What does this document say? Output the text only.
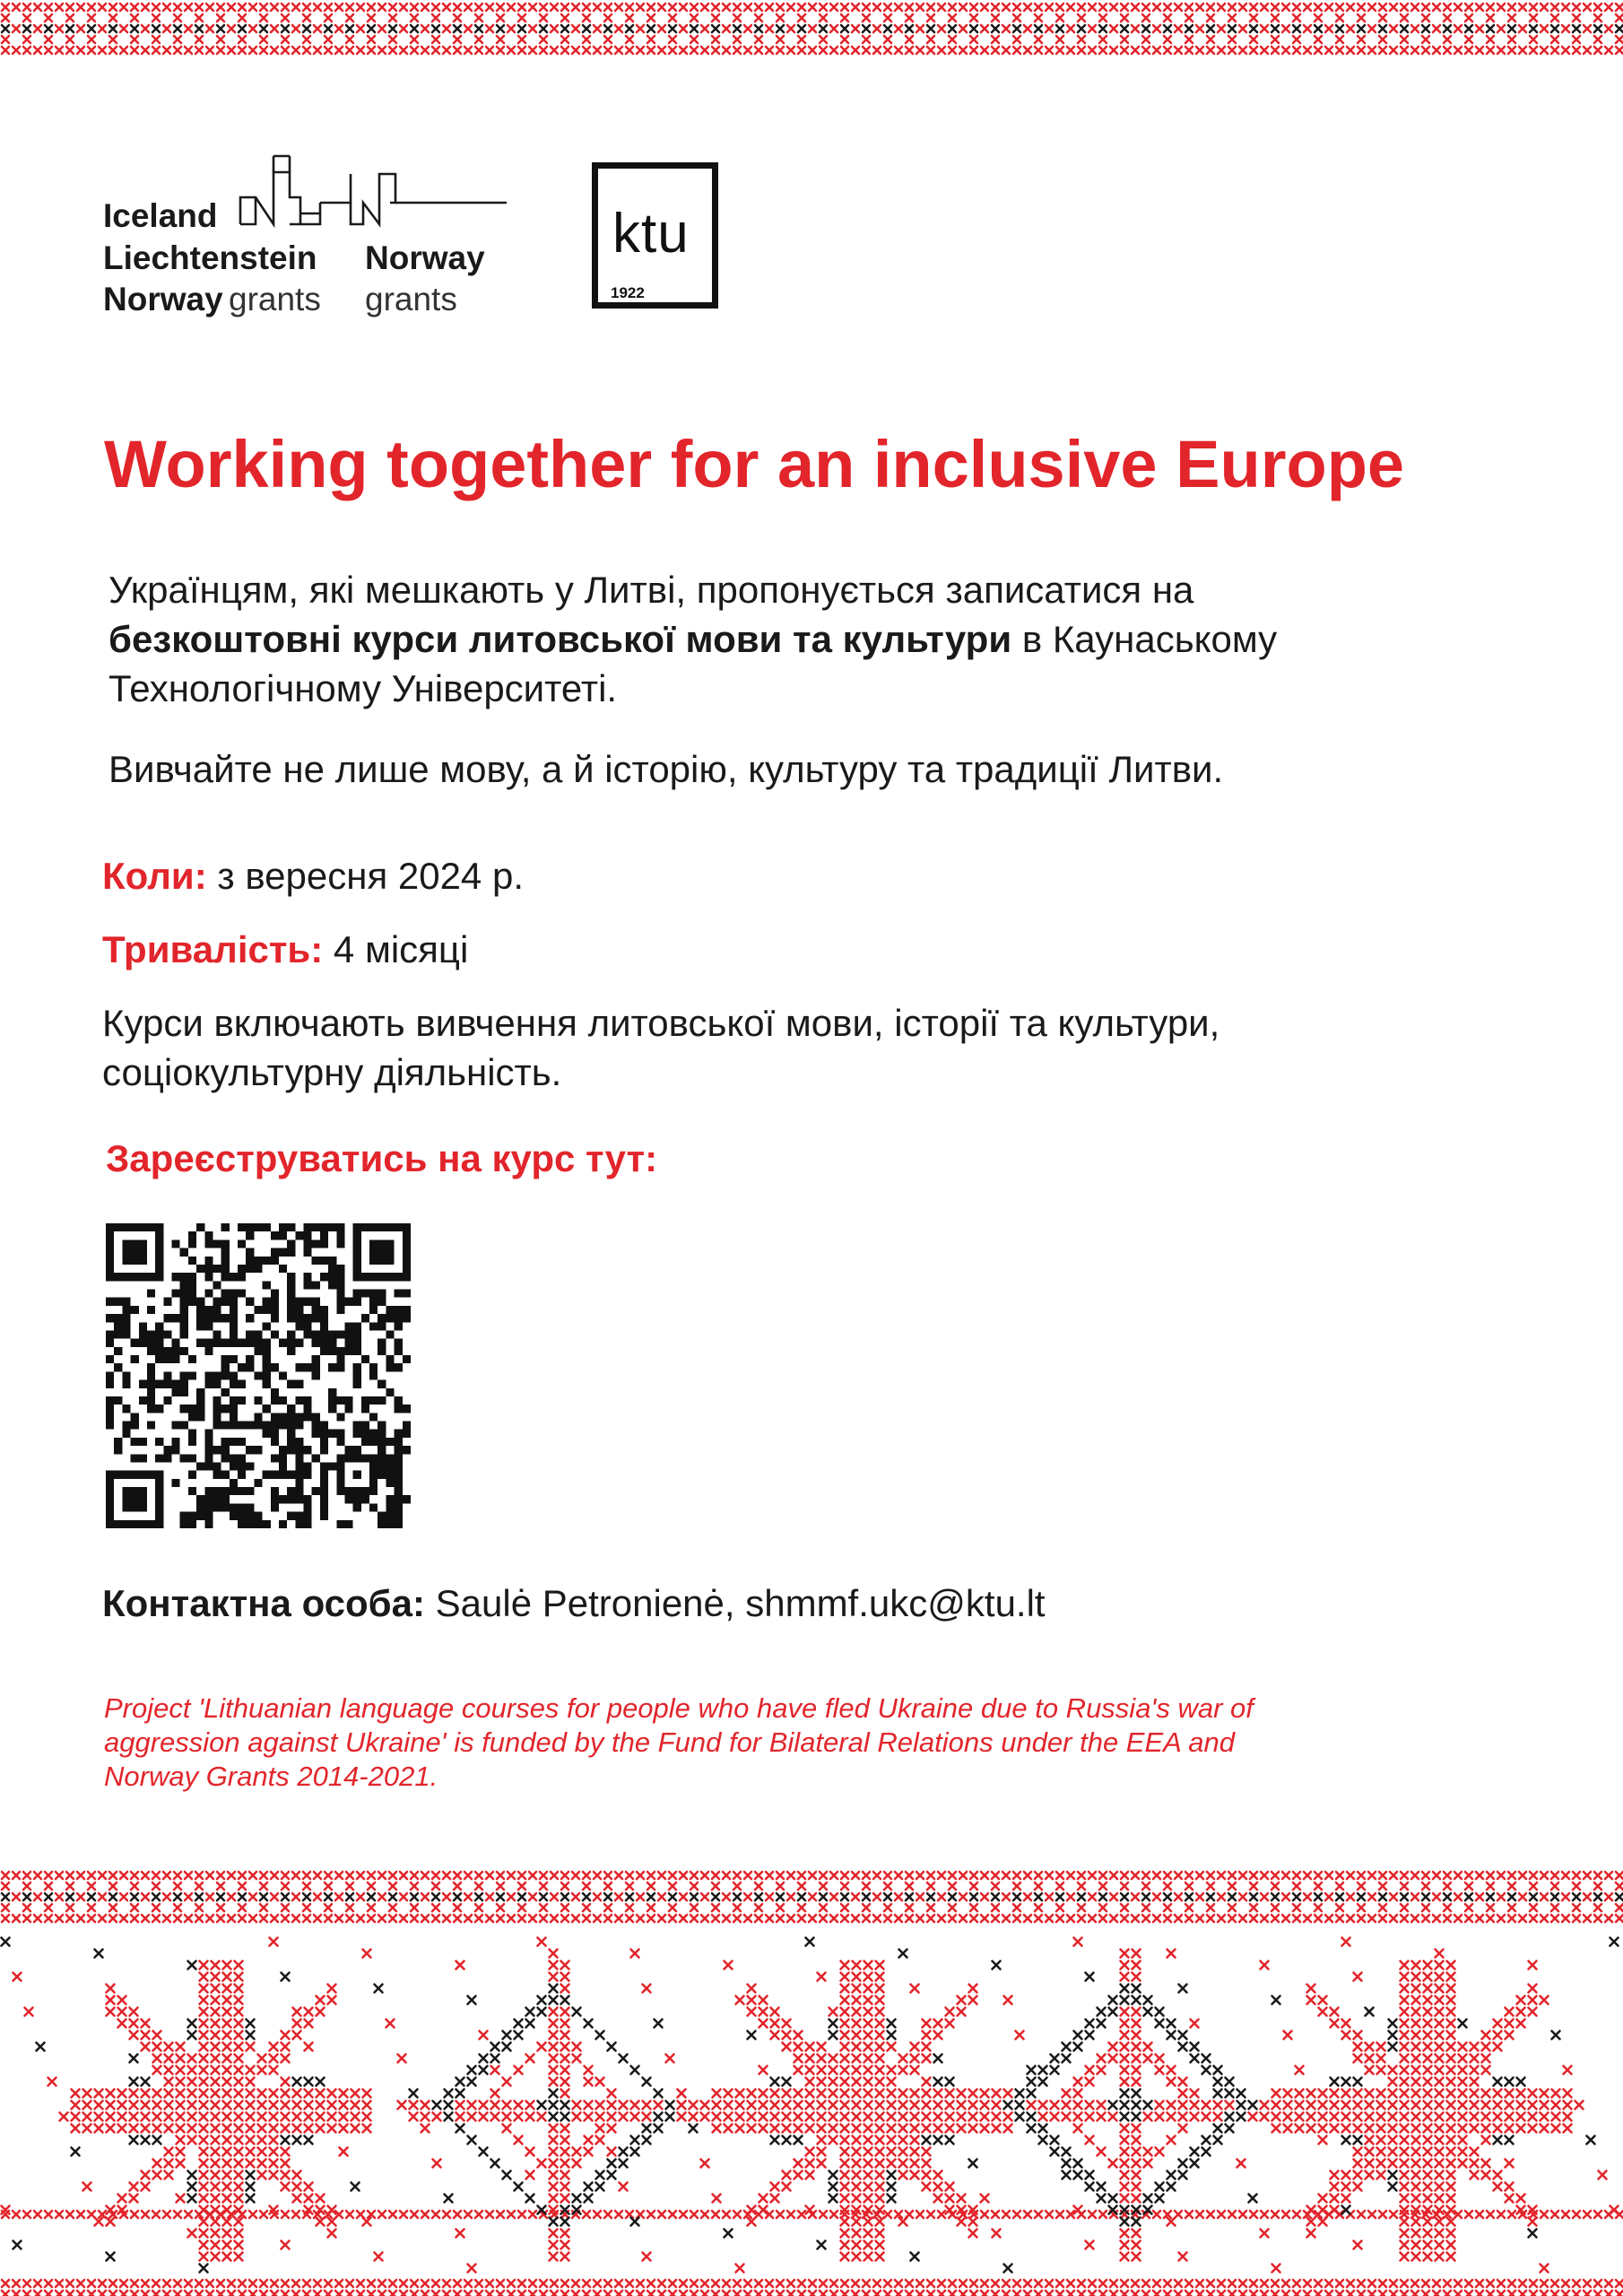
Iceland
Liechtenstein
Norway grants
Norway
grants
ktu
1922
Working together for an inclusive Europe

Українцям, які мешкають у Литві, пропонується записатися на
безкоштовні курси литовської мови та культури в Каунаському
Технологічному Університеті.

Вивчайте не лише мову, а й історію, культуру та традиції Литви.

Коли: з вересня 2024 р.

Тривалість: 4 місяці

Курси включають вивчення литовської мови, історії та культури,
соціокультурну діяльність.

Зареєструватись на курс тут:

Контактна особа: Saulė Petronienė, shmmf.ukc@ktu.lt

Project 'Lithuanian language courses for people who have fled Ukraine due to Russia's war of
aggression against Ukraine' is funded by the Fund for Bilateral Relations under the EEA and
Norway Grants 2014-2021.
